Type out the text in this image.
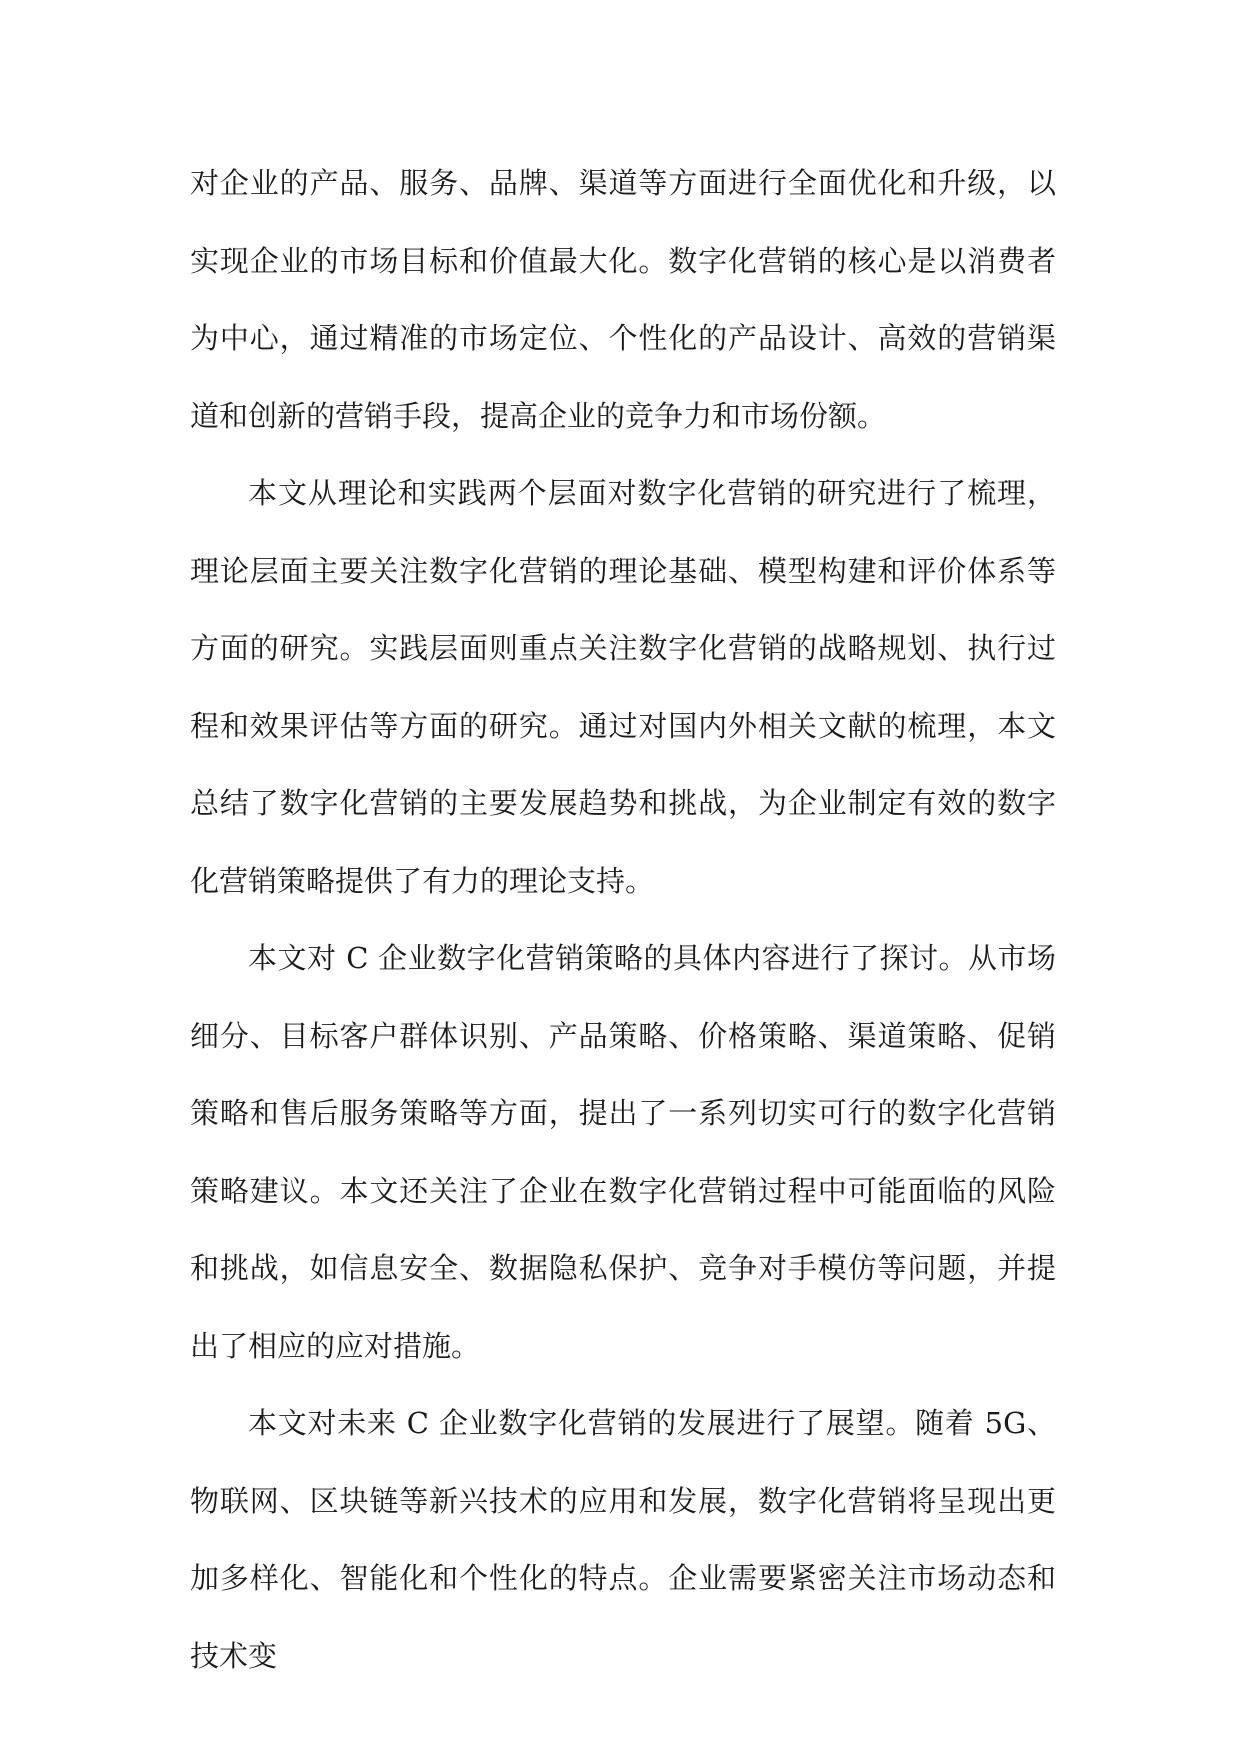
对企业的产品、服务、品牌、渠道等方面进行全面优化和升级，以实现企业的市场目标和价值最大化。数字化营销的核心是以消费者为中心，通过精准的市场定位、个性化的产品设计、高效的营销渠道和创新的营销手段，提高企业的竞争力和市场份额。

本文从理论和实践两个层面对数字化营销的研究进行了梳理，理论层面主要关注数字化营销的理论基础、模型构建和评价体系等方面的研究。实践层面则重点关注数字化营销的战略规划、执行过程和效果评估等方面的研究。通过对国内外相关文献的梳理，本文总结了数字化营销的主要发展趋势和挑战，为企业制定有效的数字化营销策略提供了有力的理论支持。

本文对 C 企业数字化营销策略的具体内容进行了探讨。从市场细分、目标客户群体识别、产品策略、价格策略、渠道策略、促销策略和售后服务策略等方面，提出了一系列切实可行的数字化营销策略建议。本文还关注了企业在数字化营销过程中可能面临的风险和挑战，如信息安全、数据隐私保护、竞争对手模仿等问题，并提出了相应的应对措施。

本文对未来 C 企业数字化营销的发展进行了展望。随着 5G、物联网、区块链等新兴技术的应用和发展，数字化营销将呈现出更加多样化、智能化和个性化的特点。企业需要紧密关注市场动态和技术变
